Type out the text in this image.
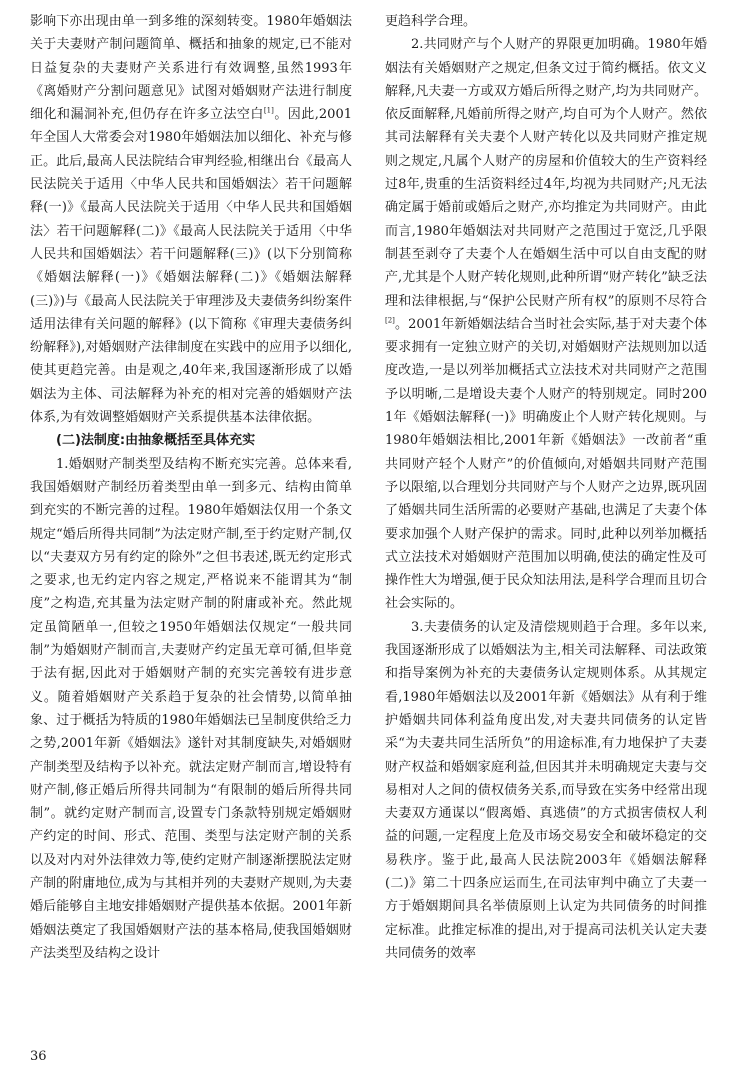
影响下亦出现由单一到多维的深刻转变。1980年婚姻法关于夫妻财产制问题简单、概括和抽象的规定,已不能对日益复杂的夫妻财产关系进行有效调整,虽然1993年《离婚财产分割问题意见》试图对婚姻财产法进行制度细化和漏洞补充,但仍存在许多立法空白[1]。因此,2001年全国人大常委会对1980年婚姻法加以细化、补充与修正。此后,最高人民法院结合审判经验,相继出台《最高人民法院关于适用〈中华人民共和国婚姻法〉若干问题解释(一)》《最高人民法院关于适用〈中华人民共和国婚姻法〉若干问题解释(二)》《最高人民法院关于适用〈中华人民共和国婚姻法〉若干问题解释(三)》(以下分别简称《婚姻法解释(一)》《婚姻法解释(二)》《婚姻法解释(三)》)与《最高人民法院关于审理涉及夫妻债务纠纷案件适用法律有关问题的解释》(以下简称《审理夫妻债务纠纷解释》),对婚姻财产法律制度在实践中的应用予以细化,使其更趋完善。由是观之,40年来,我国逐渐形成了以婚姻法为主体、司法解释为补充的相对完善的婚姻财产法体系,为有效调整婚姻财产关系提供基本法律依据。

(二)法制度:由抽象概括至具体充实

1.婚姻财产制类型及结构不断充实完善。总体来看,我国婚姻财产制经历着类型由单一到多元、结构由简单到充实的不断完善的过程。1980年婚姻法仅用一个条文规定“婚后所得共同制”为法定财产制,至于约定财产制,仅以“夫妻双方另有约定的除外”之但书表述,既无约定形式之要求,也无约定内容之规定,严格说来不能谓其为“制度”之构造,充其量为法定财产制的附庸或补充。然此规定虽简陋单一,但较之1950年婚姻法仅规定“一般共同制”为婚姻财产制而言,夫妻财产约定虽无章可循,但毕竟于法有据,因此对于婚姻财产制的充实完善较有进步意义。随着婚姻财产关系趋于复杂的社会情势,以简单抽象、过于概括为特质的1980年婚姻法已呈制度供给乏力之势,2001年新《婚姻法》遂针对其制度缺失,对婚姻财产制类型及结构予以补充。就法定财产制而言,增设特有财产制,修正婚后所得共同制为“有限制的婚后所得共同制”。就约定财产制而言,设置专门条款特别规定婚姻财产约定的时间、形式、范围、类型与法定财产制的关系以及对内对外法律效力等,使约定财产制逐渐摆脱法定财产制的附庸地位,成为与其相并列的夫妻财产规则,为夫妻婚后能够自主地安排婚姻财产提供基本依据。2001年新婚姻法奠定了我国婚姻财产法的基本格局,使我国婚姻财产法类型及结构之设计

更趋科学合理。

2.共同财产与个人财产的界限更加明确。1980年婚姻法有关婚姻财产之规定,但条文过于简约概括。依文义解释,凡夫妻一方或双方婚后所得之财产,均为共同财产。依反面解释,凡婚前所得之财产,均自可为个人财产。然依其司法解释有关夫妻个人财产转化以及共同财产推定规则之规定,凡属个人财产的房屋和价值较大的生产资料经过8年,贵重的生活资料经过4年,均视为共同财产;凡无法确定属于婚前或婚后之财产,亦均推定为共同财产。由此而言,1980年婚姻法对共同财产之范围过于宽泛,几乎限制甚至剥夺了夫妻个人在婚姻生活中可以自由支配的财产,尤其是个人财产转化规则,此种所谓“财产转化”缺乏法理和法律根据,与“保护公民财产所有权”的原则不尽符合[2]。2001年新婚姻法结合当时社会实际,基于对夫妻个体要求拥有一定独立财产的关切,对婚姻财产法规则加以适度改造,一是以列举加概括式立法技术对共同财产之范围予以明晰,二是增设夫妻个人财产的特别规定。同时2001年《婚姻法解释(一)》明确废止个人财产转化规则。与1980年婚姻法相比,2001年新《婚姻法》一改前者“重共同财产轻个人财产”的价值倾向,对婚姻共同财产范围予以限缩,以合理划分共同财产与个人财产之边界,既巩固了婚姻共同生活所需的必要财产基础,也满足了夫妻个体要求加强个人财产保护的需求。同时,此种以列举加概括式立法技术对婚姻财产范围加以明确,使法的确定性及可操作性大为增强,便于民众知法用法,是科学合理而且切合社会实际的。

3.夫妻债务的认定及清偿规则趋于合理。多年以来,我国逐渐形成了以婚姻法为主,相关司法解释、司法政策和指导案例为补充的夫妻债务认定规则体系。从其规定看,1980年婚姻法以及2001年新《婚姻法》从有利于维护婚姻共同体利益角度出发,对夫妻共同债务的认定皆采“为夫妻共同生活所负”的用途标准,有力地保护了夫妻财产权益和婚姻家庭利益,但因其并未明确规定夫妻与交易相对人之间的债权债务关系,而导致在实务中经常出现夫妻双方通谋以“假离婚、真逃债”的方式损害债权人利益的问题,一定程度上危及市场交易安全和破坏稳定的交易秩序。鉴于此,最高人民法院2003年《婚姻法解释(二)》第二十四条应运而生,在司法审判中确立了夫妻一方于婚姻期间具名举债原则上认定为共同债务的时间推定标准。此推定标准的提出,对于提高司法机关认定夫妻共同债务的效率

36
